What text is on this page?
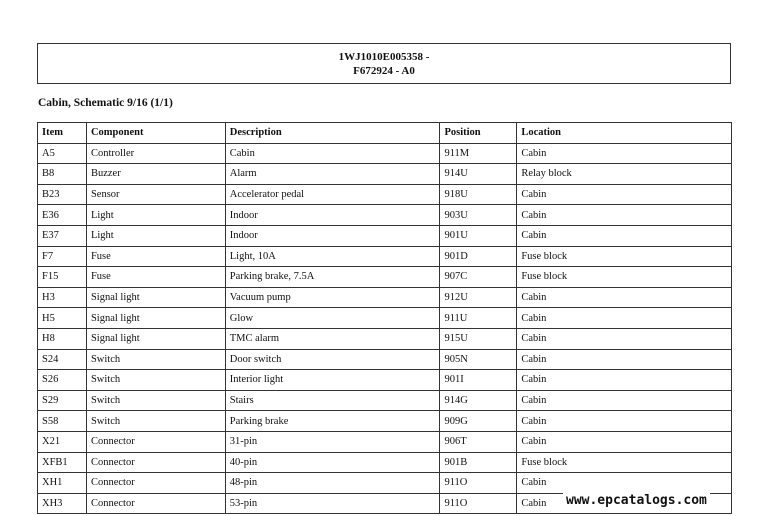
1WJ1010E005358 -
F672924 - A0
Cabin, Schematic 9/16 (1/1)
Item	Component	Description	Position	Location
A5	Controller	Cabin	911M	Cabin
B8	Buzzer	Alarm	914U	Relay block
B23	Sensor	Accelerator pedal	918U	Cabin
E36	Light	Indoor	903U	Cabin
E37	Light	Indoor	901U	Cabin
F7	Fuse	Light, 10A	901D	Fuse block
F15	Fuse	Parking brake, 7.5A	907C	Fuse block
H3	Signal light	Vacuum pump	912U	Cabin
H5	Signal light	Glow	911U	Cabin
H8	Signal light	TMC alarm	915U	Cabin
S24	Switch	Door switch	905N	Cabin
S26	Switch	Interior light	901I	Cabin
S29	Switch	Stairs	914G	Cabin
S58	Switch	Parking brake	909G	Cabin
X21	Connector	31-pin	906T	Cabin
XFB1	Connector	40-pin	901B	Fuse block
XH1	Connector	48-pin	911O	Cabin
XH3	Connector	53-pin	911O	Cabin www.epcatalogs.com
